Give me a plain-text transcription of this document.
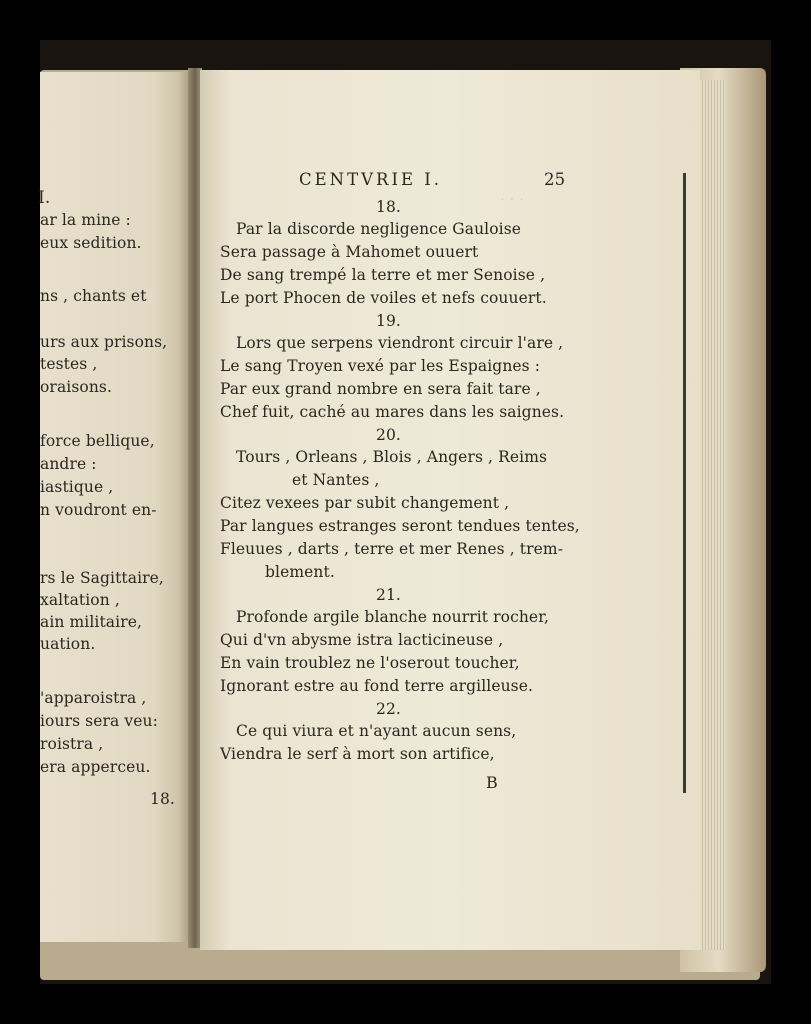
I.
ar la mine :
eux sedition.
ns , chants et
urs aux prisons,
testes ,
oraisons.
force bellique,
andre :
iastique ,
n voudront en-
rs le Sagittaire,
xaltation ,
ain militaire,
uation.
'apparoistra ,
iours sera veu:
roistra ,
era apperceu.
18.
· · ·
CENTVRIE I.	25
18.
Par la discorde negligence Gauloise
Sera passage à Mahomet ouuert
De sang trempé la terre et mer Senoise ,
Le port Phocen de voiles et nefs couuert.
19.
Lors que serpens viendront circuir l'are ,
Le sang Troyen vexé par les Espaignes :
Par eux grand nombre en sera fait tare ,
Chef fuit, caché au mares dans les saignes.
20.
Tours , Orleans , Blois , Angers , Reims
et Nantes ,
Citez vexees par subit changement ,
Par langues estranges seront tendues tentes,
Fleuues , darts , terre et mer Renes , trem-
blement.
21.
Profonde argile blanche nourrit rocher,
Qui d'vn abysme istra lacticineuse ,
En vain troublez ne l'oserout toucher,
Ignorant estre au fond terre argilleuse.
22.
Ce qui viura et n'ayant aucun sens,
Viendra le serf à mort son artifice,
B
